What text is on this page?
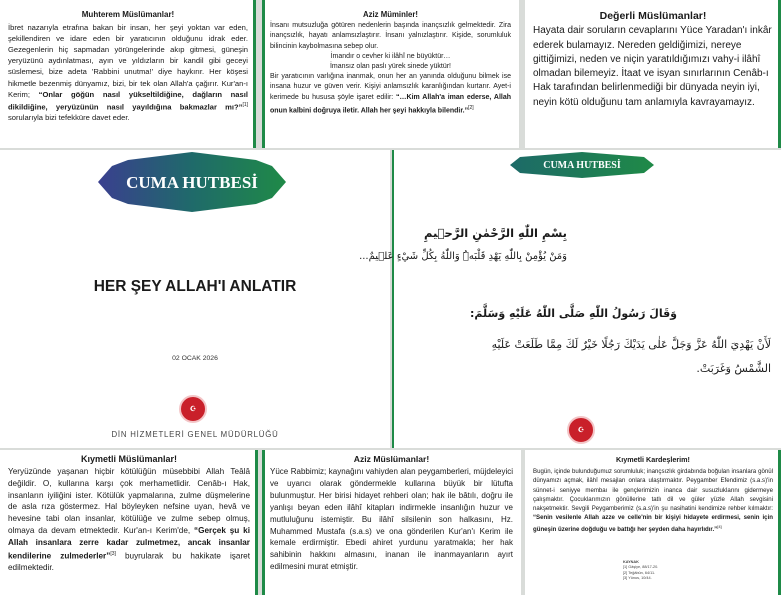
Muhterem Müslümanlar!

İbret nazarıyla etrafına bakan bir insan, her şeyi yoktan var eden, şekillendiren ve idare eden bir yaratıcının olduğunu idrak eder. Gezegenlerin hiç sapmadan yörüngelerinde akıp gitmesi, güneşin yeryüzünü aydınlatması, ayın ve yıldızların bir kandil gibi geceyi süslemesi, bize adeta 'Rabbini unutma!' diye haykırır. Her köşesi hikmetle bezenmiş dünyamız, bizi, bir tek olan Allah'a çağırır. Kur'an-ı Kerim; “Onlar göğün nasıl yükseltildiğine, dağların nasıl dikildiğine, yeryüzünün nasıl yayıldığına bakmazlar mı?”[1] sorularıyla bizi tefekküre davet eder.

Aziz Müminler!

İnsanı mutsuzluğa götüren nedenlerin başında inançsızlık gelmektedir. Zira inançsızlık, hayatı anlamsızlaştırır. İnsanı yalnızlaştırır. Kişide, sorumluluk bilincinin kaybolmasına sebep olur.

İmandır o cevher ki ilâhî ne büyüktür…

İmansız olan paslı yürek sinede yüktür!

Bir yaratıcının varlığına inanmak, onun her an yanında olduğunu bilmek ise insana huzur ve güven verir. Kişiyi anlamsızlık karanlığından kurtarır. Ayet-i kerimede bu hususa şöyle işaret edilir: “…Kim Allah'a iman ederse, Allah onun kalbini doğruya iletir. Allah her şeyi hakkıyla bilendir.”[2]

Değerli Müslümanlar!

Hayata dair soruların cevaplarını Yüce Yaradan'ı inkâr ederek bulamayız. Nereden geldiğimizi, nereye gittiğimizi, neden ve niçin yaratıldığımızı vahy-i ilâhî olmadan bilemeyiz. İtaat ve isyan sınırlarının Cenâb-ı Hak tarafından belirlenmediği bir dünyada neyin iyi, neyin kötü olduğunu tam anlamıyla kavrayamayız.

CUMA HUTBESİ
HER ŞEY ALLAH'I ANLATIR
02 OCAK 2026
☪
DİN HİZMETLERİ GENEL MÜDÜRLÜĞÜ
CUMA HUTBESİ
بِسْمِ اللّٰهِ الرَّحْمٰنِ الرَّح۪يمِ
وَمَنْ يُؤْمِنْ بِاللّٰهِ يَهْدِ قَلْبَهُۜ وَاللّٰهُ بِكُلِّ شَيْءٍ عَل۪يمٌ...
وَقَالَ رَسُولُ اللّٰهِ صَلَّى اللّٰهُ عَلَيْهِ وَسَلَّمَ:
لَأَنْ يَهْدِيَ اللّٰهُ عَزَّ وَجَلَّ عَلٰى يَدَيْكَ رَجُلًا خَيْرٌ لَكَ مِمَّا طَلَعَتْ عَلَيْهِ الشَّمْسُ وَغَرَبَتْ.
☪
Kıymetli Müslümanlar!

Yeryüzünde yaşanan hiçbir kötülüğün müsebbibi Allah Teâlâ değildir. O, kullarına karşı çok merhametlidir. Cenâb-ı Hak, insanların iyiliğini ister. Kötülük yapmalarına, zulme düşmelerine de asla rıza göstermez. Hal böyleyken nefsine uyan, hevâ ve hevesine tabi olan insanlar, kötülüğe ve zulme sebep olmuş, olmaya da devam etmektedir. Kur'an-ı Kerim'de, “Gerçek şu ki Allah insanlara zerre kadar zulmetmez, ancak insanlar kendilerine zulmederler”[3] buyrularak bu hakikate işaret edilmektedir.

Aziz Müslümanlar!

Yüce Rabbimiz; kaynağını vahiyden alan peygamberleri, müjdeleyici ve uyarıcı olarak göndermekle kullarına büyük bir lütufta bulunmuştur. Her birisi hidayet rehberi olan; hak ile bâtılı, doğru ile yanlışı beyan eden ilâhî kitapları indirmekle insanlığın huzur ve mutluluğunu istemiştir. Bu ilâhî silsilenin son halkasını, Hz. Muhammed Mustafa (s.a.s) ve ona gönderilen Kur'an'ı Kerim ile kemale erdirmiştir. Ebedi ahiret yurdunu yaratmakla; her hak sahibinin hakkını almasını, inanan ile inanmayanların ayırt edilmesini murat etmiştir.

Kıymetli Kardeşlerim!

Bugün, içinde bulunduğumuz sorumluluk; inançsızlık girdabında boğulan insanlara gönül dünyamızı açmak, ilâhî mesajları onlara ulaştırmaktır. Peygamber Efendimiz (s.a.s)'in sünnet-i seniyye membaı ile gençlerimizin inanca dair susuzluklarını gidermeye çalışmaktır. Çocuklarımızın gönüllerine tatlı dil ve güler yüzle Allah sevgisini nakşetmektir. Sevgili Peygamberimiz (s.a.s)'in şu nasihatini kendimize rehber kılmaktır: “Senin vesilenle Allah azze ve celle'nin bir kişiyi hidayete erdirmesi, senin için güneşin üzerine doğduğu ve battığı her şeyden daha hayırlıdır.”[4]

KAYNAK
[1] Gâşiye, 88/17-20.
[2] Teğâbün, 64/11.
[3] Yûnus, 10/44.
